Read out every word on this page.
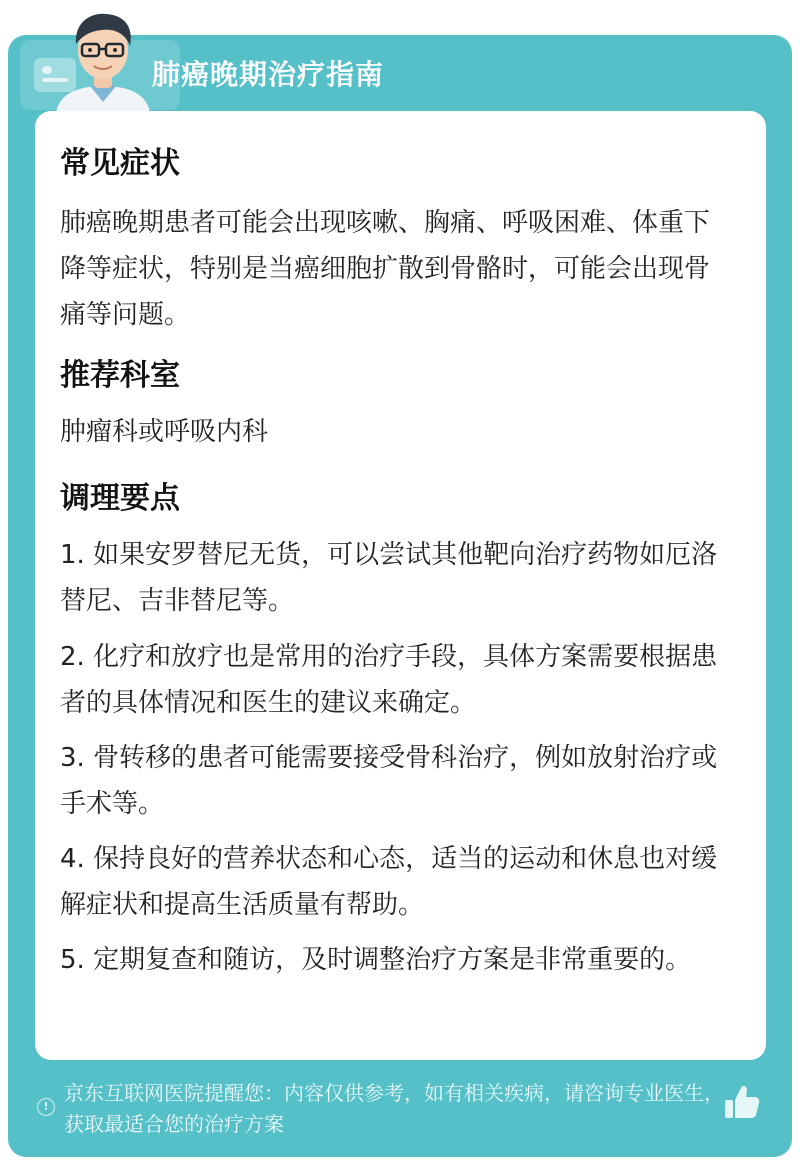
肺癌晚期治疗指南
常见症状
肺癌晚期患者可能会出现咳嗽、胸痛、呼吸困难、体重下降等症状，特别是当癌细胞扩散到骨骼时，可能会出现骨痛等问题。
推荐科室
肿瘤科或呼吸内科
调理要点
1. 如果安罗替尼无货，可以尝试其他靶向治疗药物如厄洛替尼、吉非替尼等。
2. 化疗和放疗也是常用的治疗手段，具体方案需要根据患者的具体情况和医生的建议来确定。
3. 骨转移的患者可能需要接受骨科治疗，例如放射治疗或手术等。
4. 保持良好的营养状态和心态，适当的运动和休息也对缓解症状和提高生活质量有帮助。
5. 定期复查和随访，及时调整治疗方案是非常重要的。
!
京东互联网医院提醒您：内容仅供参考，如有相关疾病，请咨询专业医生，获取最适合您的治疗方案
